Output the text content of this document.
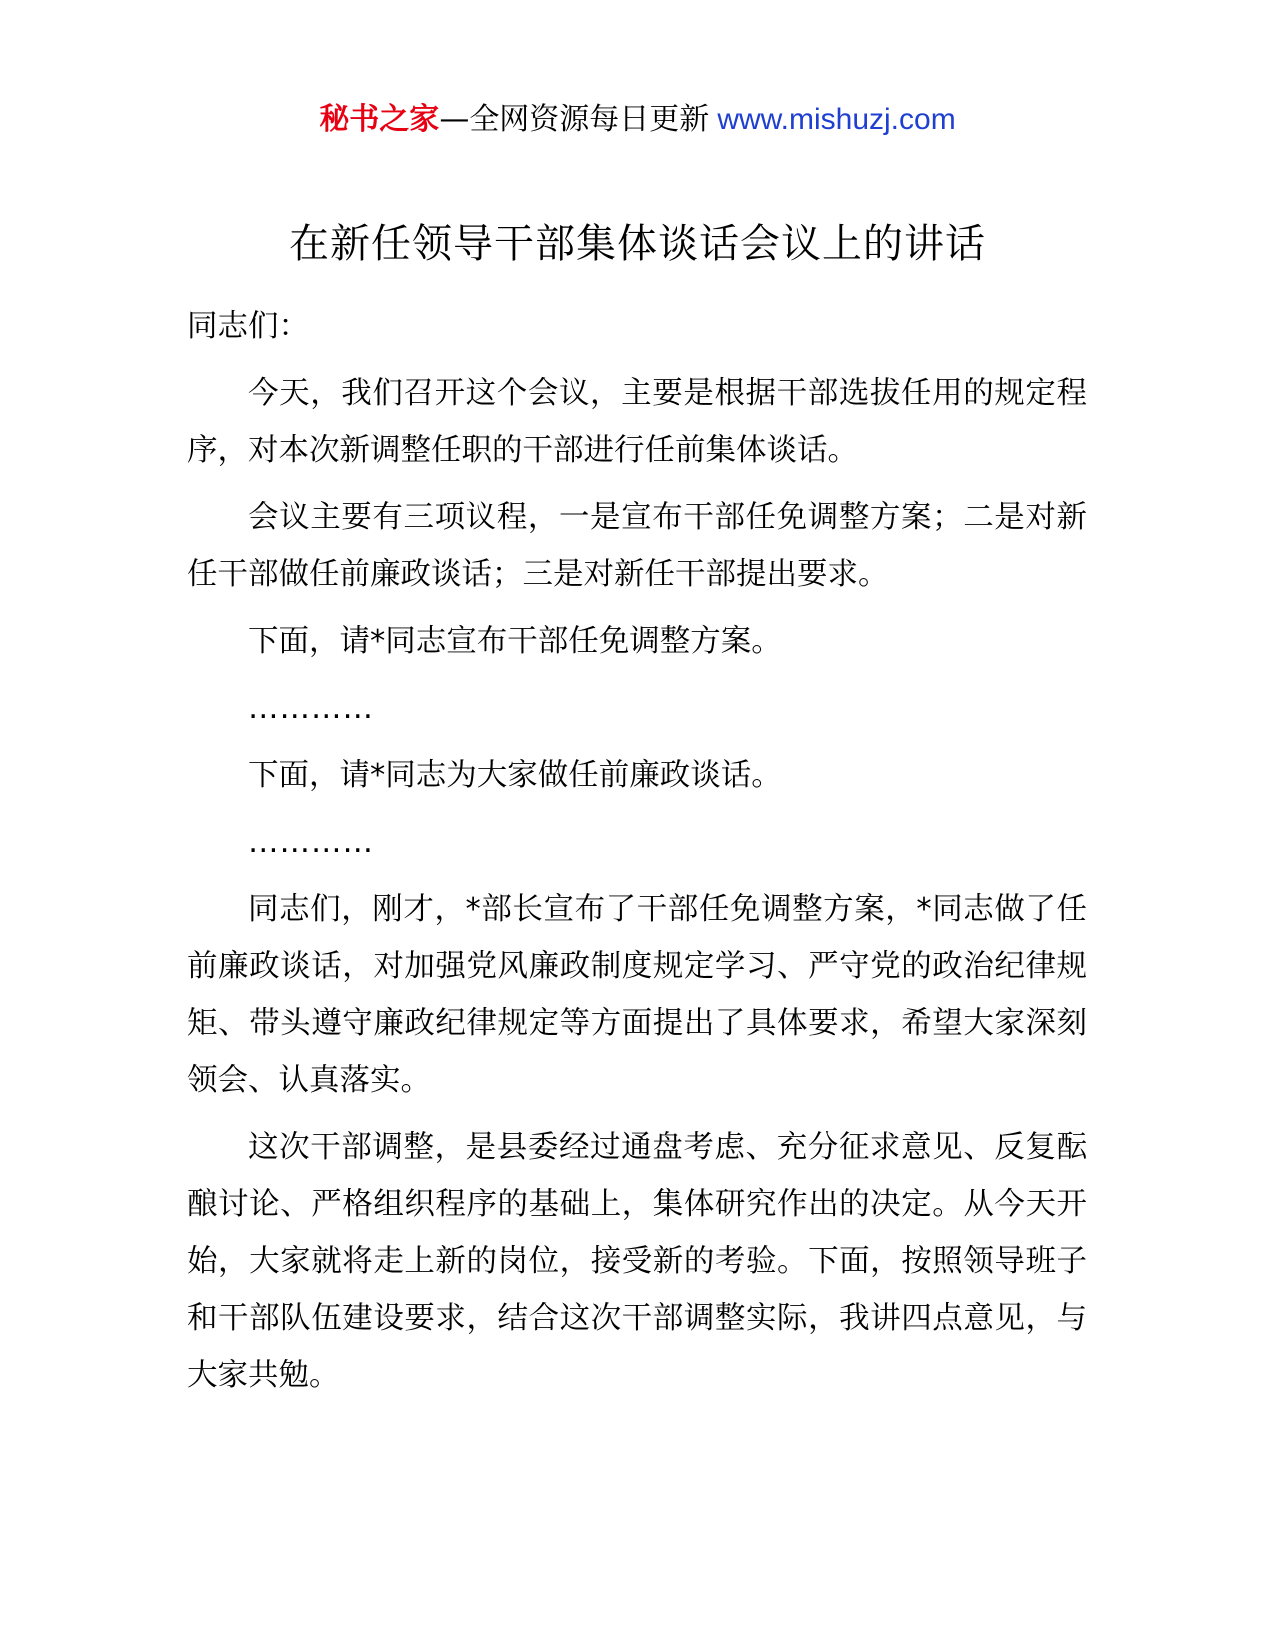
秘书之家—全网资源每日更新 www.mishuzj.com
在新任领导干部集体谈话会议上的讲话

同志们：

今天，我们召开这个会议，主要是根据干部选拔任用的规定程序，对本次新调整任职的干部进行任前集体谈话。

会议主要有三项议程，一是宣布干部任免调整方案；二是对新任干部做任前廉政谈话；三是对新任干部提出要求。

下面，请*同志宣布干部任免调整方案。

…………

下面，请*同志为大家做任前廉政谈话。

…………

同志们，刚才，*部长宣布了干部任免调整方案，*同志做了任前廉政谈话，对加强党风廉政制度规定学习、严守党的政治纪律规矩、带头遵守廉政纪律规定等方面提出了具体要求，希望大家深刻领会、认真落实。

这次干部调整，是县委经过通盘考虑、充分征求意见、反复酝酿讨论、严格组织程序的基础上，集体研究作出的决定。从今天开始，大家就将走上新的岗位，接受新的考验。下面，按照领导班子和干部队伍建设要求，结合这次干部调整实际，我讲四点意见，与大家共勉。
